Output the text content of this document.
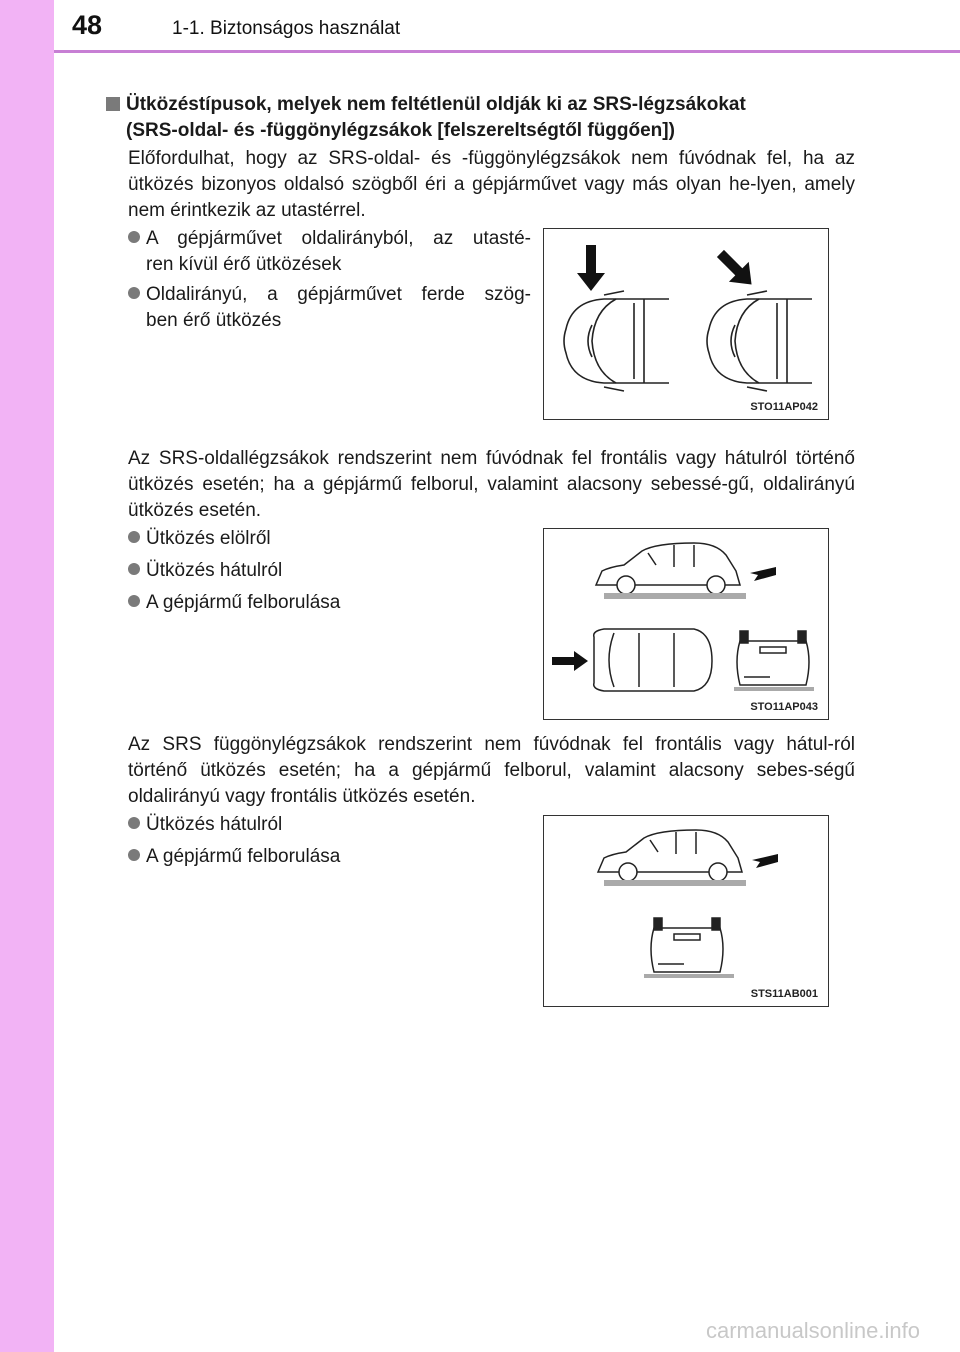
48	1-1. Biztonságos használat
Ütközéstípusok, melyek nem feltétlenül oldják ki az SRS-légzsákokat
(SRS-oldal- és -függönylégzsákok [felszereltségtől függően])
Előfordulhat, hogy az SRS-oldal- és -függönylégzsákok nem fúvódnak fel, ha az ütközés bizonyos oldalsó szögből éri a gépjárművet vagy más olyan he-lyen, amely nem érintkezik az utastérrel.
A gépjárművet oldalirányból, az utasté-
ren kívül érő ütközések
Oldalirányú, a gépjárművet ferde szög-
ben érő ütközés
STO11AP042
Az SRS-oldallégzsákok rendszerint nem fúvódnak fel frontális vagy hátulról történő ütközés esetén; ha a gépjármű felborul, valamint alacsony sebessé-gű, oldalirányú ütközés esetén.
Ütközés elölről
Ütközés hátulról
A gépjármű felborulása
STO11AP043
Az SRS függönylégzsákok rendszerint nem fúvódnak fel frontális vagy hátul-ról történő ütközés esetén; ha a gépjármű felborul, valamint alacsony sebes-ségű oldalirányú vagy frontális ütközés esetén.
Ütközés hátulról
A gépjármű felborulása
STS11AB001
carmanualsonline.info
